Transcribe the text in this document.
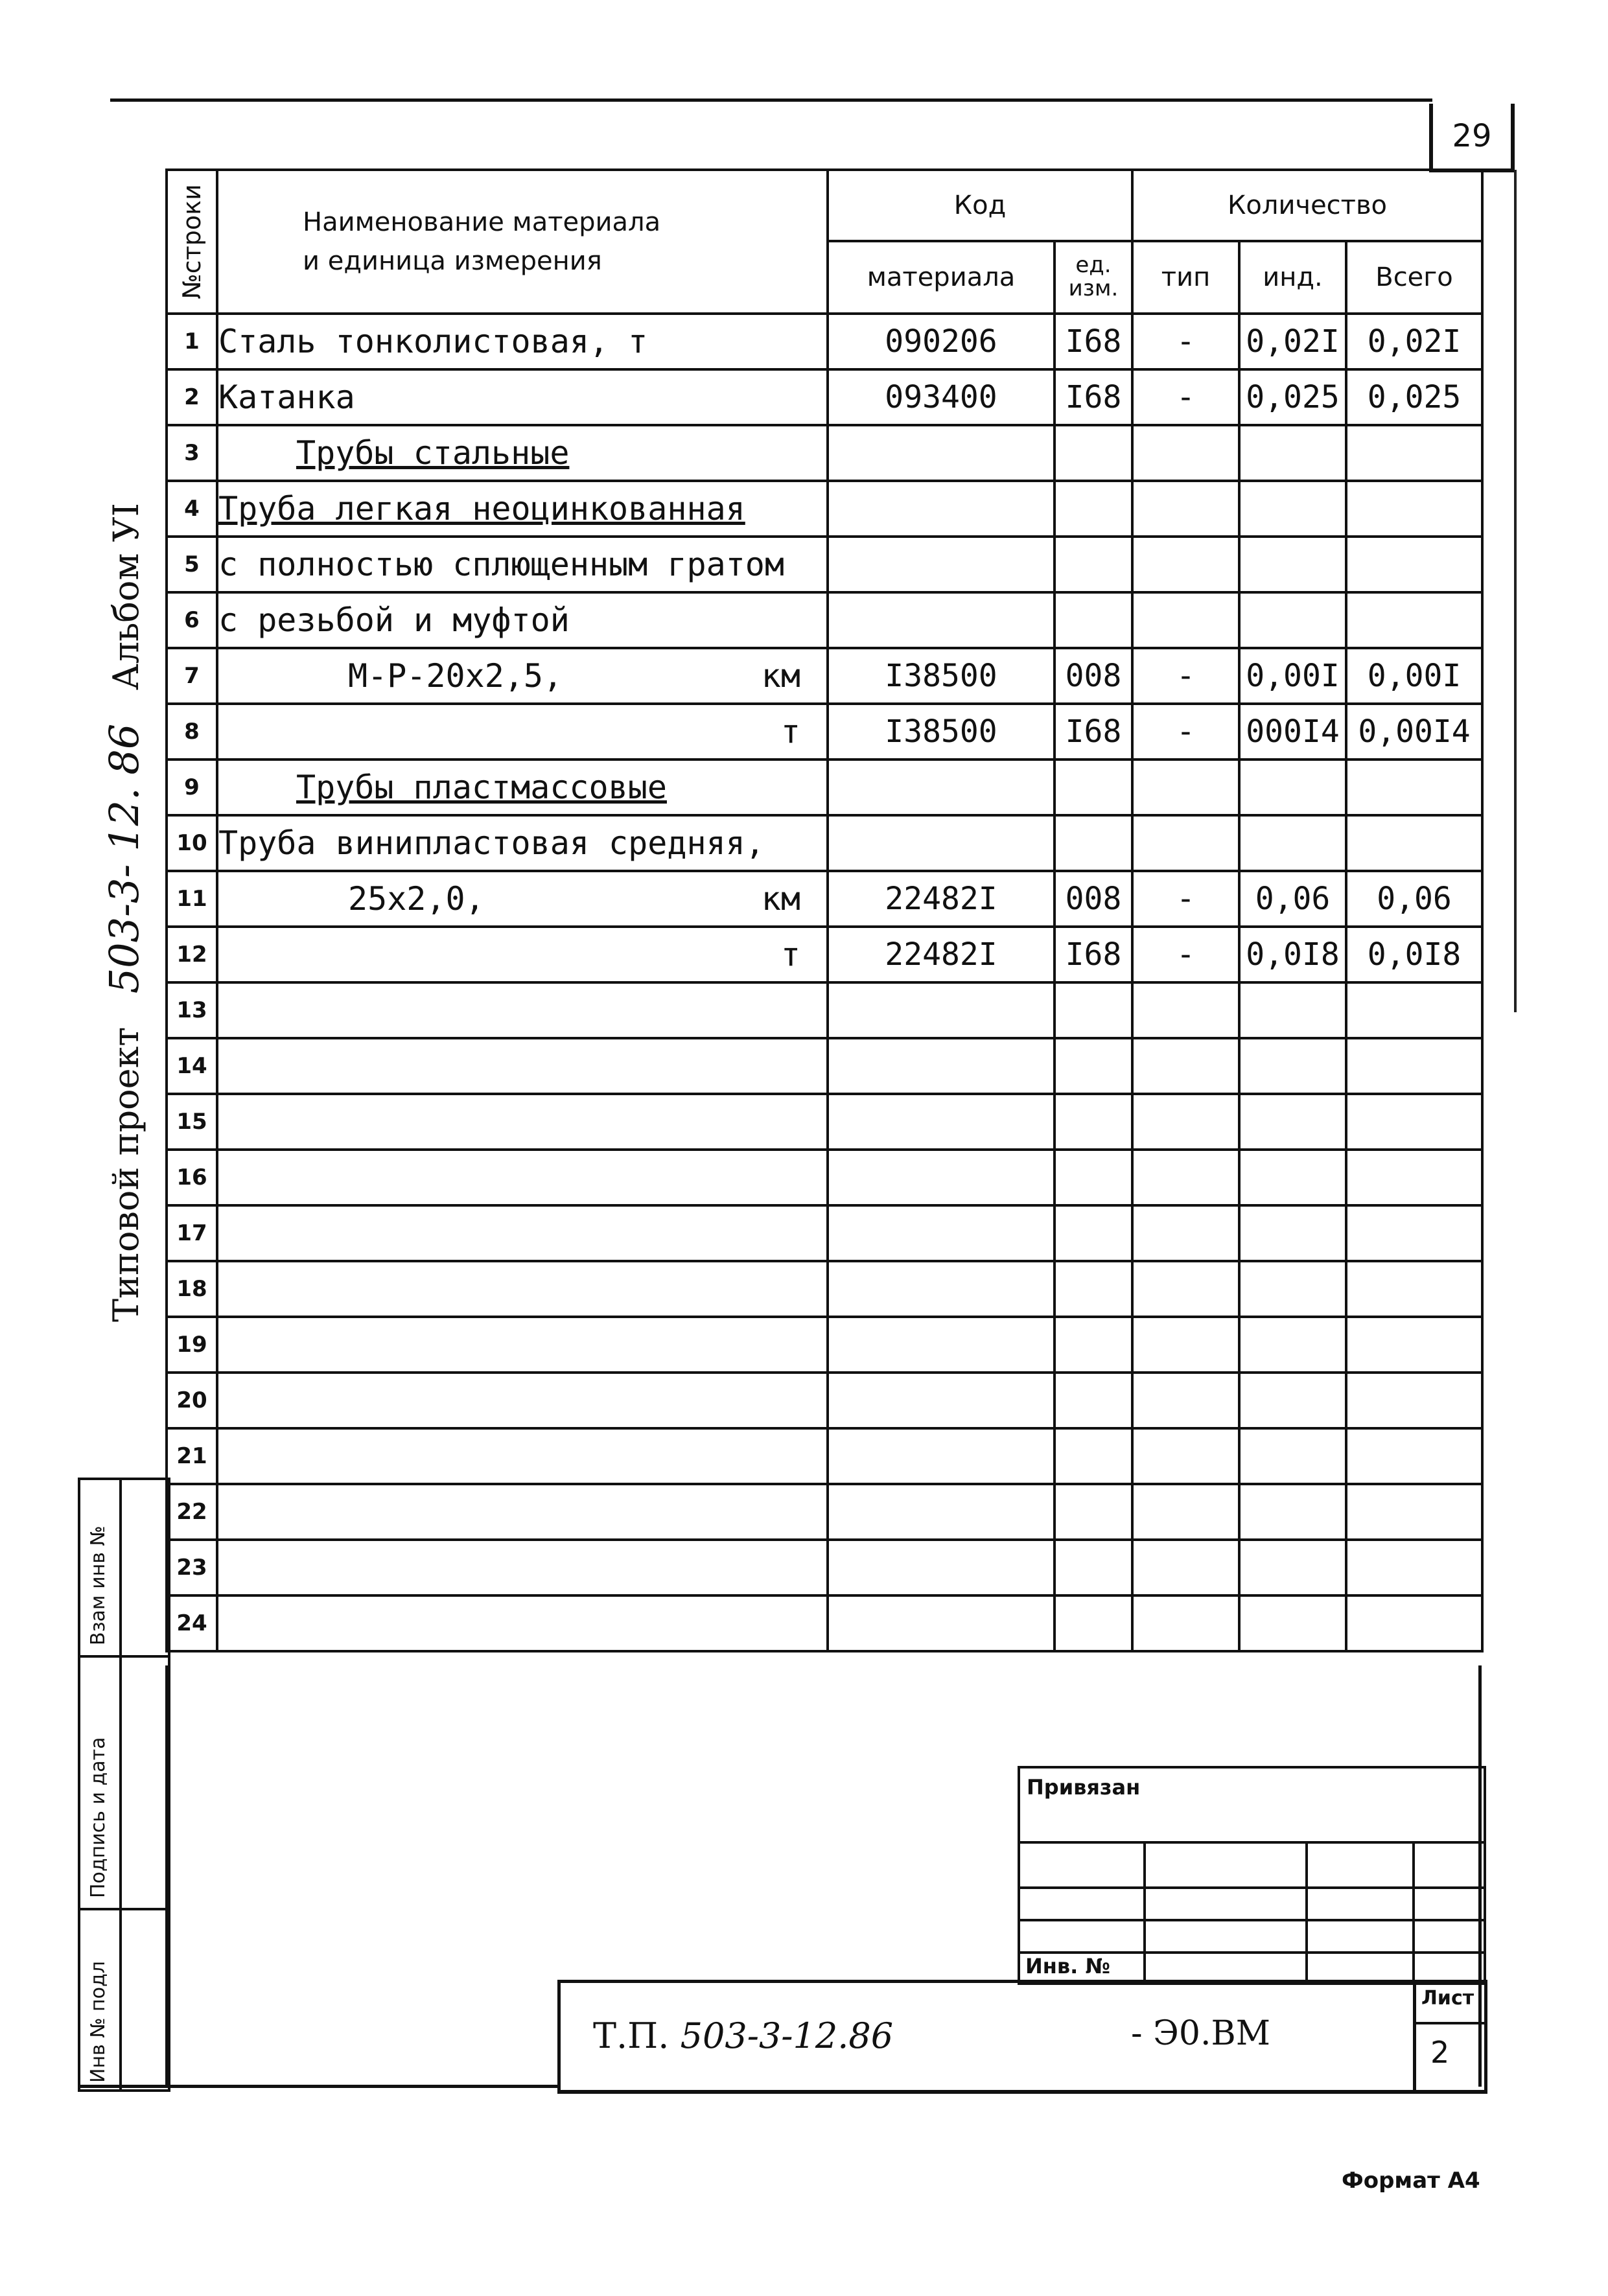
29
Типовой проект   503-3- 12. 86   Альбом УI
№строки	Наименование материала
и единица измерения	Код		Количество		
		материала	ед. изм.	тип	инд.	Всего
1	Сталь тонколистовая, т	090206	I68	-	0,02I	0,02I
2	Катанка	093400	I68	-	0,025	0,025
3	Трубы стальные

4	Труба легкая неоцинкованная

5	с полностью сплющенным гратом

6	с резьбой и муфтой

7	М-Р-20х2,5, км	I38500	008	-	0,00I	0,00I
8	т	I38500	I68	-	000I4	0,00I4
9	Трубы пластмассовые

10	Труба винипластовая средняя,

11	25х2,0, км	22482I	008	-	0,06	0,06
12	т	22482I	I68	-	0,0I8	0,0I8
13	

14	

15	

16	

17	

18	

19	

20	

21	

22	

23	

24	

Взам инв №
Подпись и дата
Инв № подл
Привязан
Инв. №
Т.П. 503-3-12.86	- Э0.ВМ
Лист
2
Формат А4
